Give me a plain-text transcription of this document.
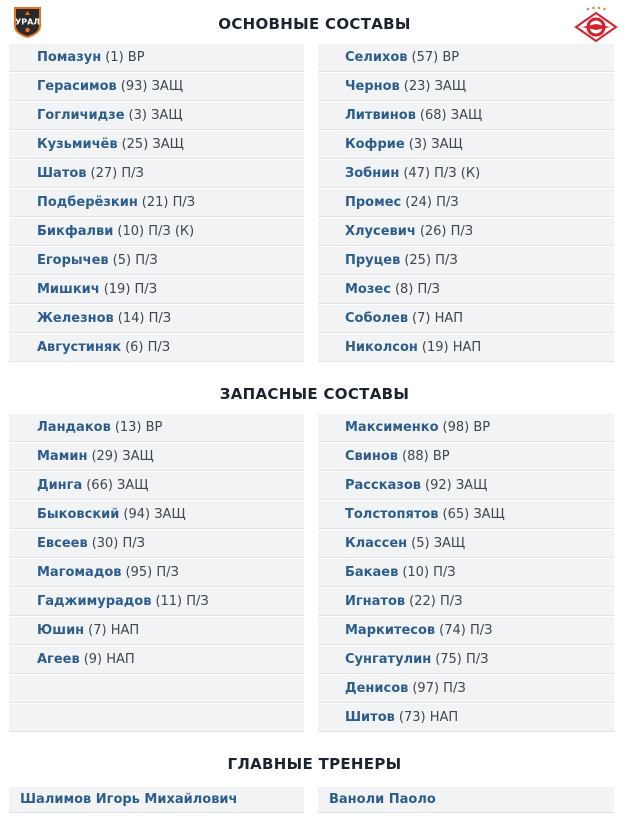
УРАЛ	ОСНОВНЫЕ СОСТАВЫ
Помазун (1) ВР
Герасимов (93) ЗАЩ
Гогличидзе (3) ЗАЩ
Кузьмичёв (25) ЗАЩ
Шатов (27) П/З
Подберёзкин (21) П/З
Бикфалви (10) П/З (К)
Егорычев (5) П/З
Мишкич (19) П/З
Железнов (14) П/З
Августиняк (6) П/З
Селихов (57) ВР
Чернов (23) ЗАЩ
Литвинов (68) ЗАЩ
Кофрие (3) ЗАЩ
Зобнин (47) П/З (К)
Промес (24) П/З
Хлусевич (26) П/З
Пруцев (25) П/З
Мозес (8) П/З
Соболев (7) НАП
Николсон (19) НАП
ЗАПАСНЫЕ СОСТАВЫ
Ландаков (13) ВР
Мамин (29) ЗАЩ
Динга (66) ЗАЩ
Быковский (94) ЗАЩ
Евсеев (30) П/З
Магомадов (95) П/З
Гаджимурадов (11) П/З
Юшин (7) НАП
Агеев (9) НАП
Максименко (98) ВР
Свинов (88) ВР
Рассказов (92) ЗАЩ
Толстопятов (65) ЗАЩ
Классен (5) ЗАЩ
Бакаев (10) П/З
Игнатов (22) П/З
Маркитесов (74) П/З
Сунгатулин (75) П/З
Денисов (97) П/З
Шитов (73) НАП
ГЛАВНЫЕ ТРЕНЕРЫ
Шалимов Игорь Михайлович	Ваноли Паоло
